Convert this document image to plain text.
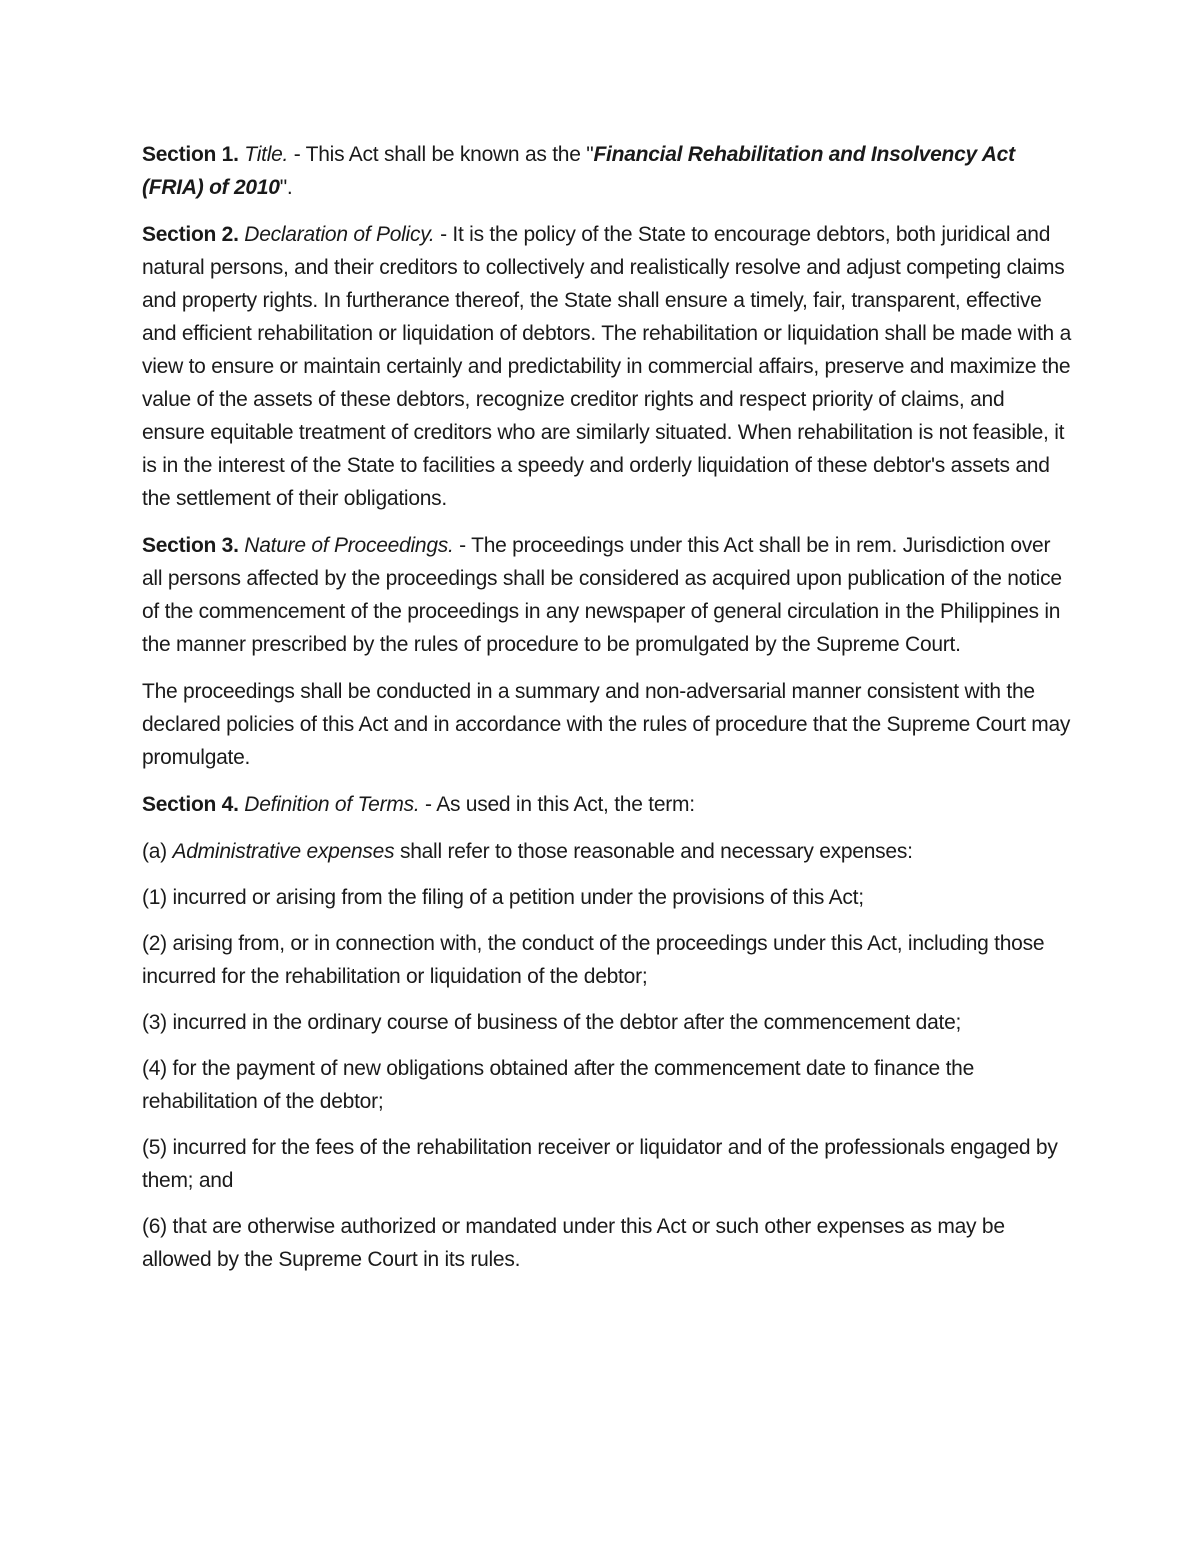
Section 1. Title. - This Act shall be known as the "Financial Rehabilitation and Insolvency Act (FRIA) of 2010".

Section 2. Declaration of Policy. - It is the policy of the State to encourage debtors, both juridical and natural persons, and their creditors to collectively and realistically resolve and adjust competing claims and property rights. In furtherance thereof, the State shall ensure a timely, fair, transparent, effective and efficient rehabilitation or liquidation of debtors. The rehabilitation or liquidation shall be made with a view to ensure or maintain certainly and predictability in commercial affairs, preserve and maximize the value of the assets of these debtors, recognize creditor rights and respect priority of claims, and ensure equitable treatment of creditors who are similarly situated. When rehabilitation is not feasible, it is in the interest of the State to facilities a speedy and orderly liquidation of these debtor's assets and the settlement of their obligations.

Section 3. Nature of Proceedings. - The proceedings under this Act shall be in rem. Jurisdiction over all persons affected by the proceedings shall be considered as acquired upon publication of the notice of the commencement of the proceedings in any newspaper of general circulation in the Philippines in the manner prescribed by the rules of procedure to be promulgated by the Supreme Court.

The proceedings shall be conducted in a summary and non-adversarial manner consistent with the declared policies of this Act and in accordance with the rules of procedure that the Supreme Court may promulgate.

Section 4. Definition of Terms. - As used in this Act, the term:

(a) Administrative expenses shall refer to those reasonable and necessary expenses:

(1) incurred or arising from the filing of a petition under the provisions of this Act;

(2) arising from, or in connection with, the conduct of the proceedings under this Act, including those incurred for the rehabilitation or liquidation of the debtor;

(3) incurred in the ordinary course of business of the debtor after the commencement date;

(4) for the payment of new obligations obtained after the commencement date to finance the rehabilitation of the debtor;

(5) incurred for the fees of the rehabilitation receiver or liquidator and of the professionals engaged by them; and

(6) that are otherwise authorized or mandated under this Act or such other expenses as may be allowed by the Supreme Court in its rules.
